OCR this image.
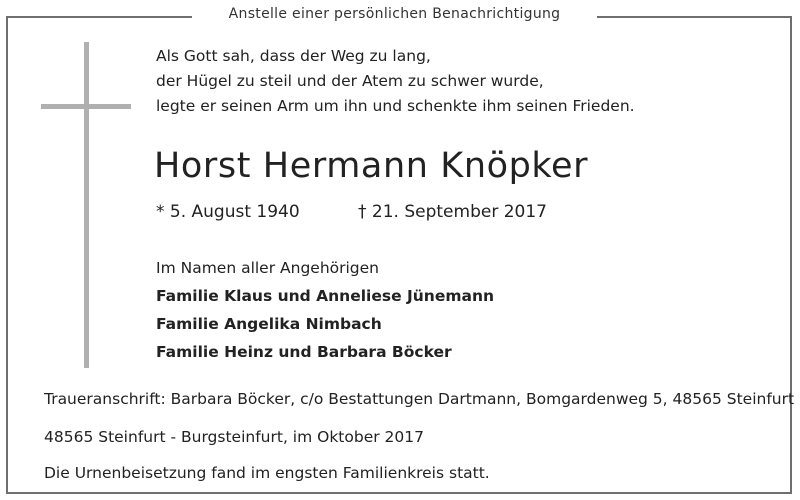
Anstelle einer persönlichen Benachrichtigung
Als Gott sah, dass der Weg zu lang,
der Hügel zu steil und der Atem zu schwer wurde,
legte er seinen Arm um ihn und schenkte ihm seinen Frieden.
Horst Hermann Knöpker
* 5. August 1940	† 21. September 2017
Im Namen aller Angehörigen
Familie Klaus und Anneliese Jünemann
Familie Angelika Nimbach
Familie Heinz und Barbara Böcker
Traueranschrift: Barbara Böcker, c/o Bestattungen Dartmann, Bomgardenweg 5, 48565 Steinfurt
48565 Steinfurt - Burgsteinfurt, im Oktober 2017
Die Urnenbeisetzung fand im engsten Familienkreis statt.
